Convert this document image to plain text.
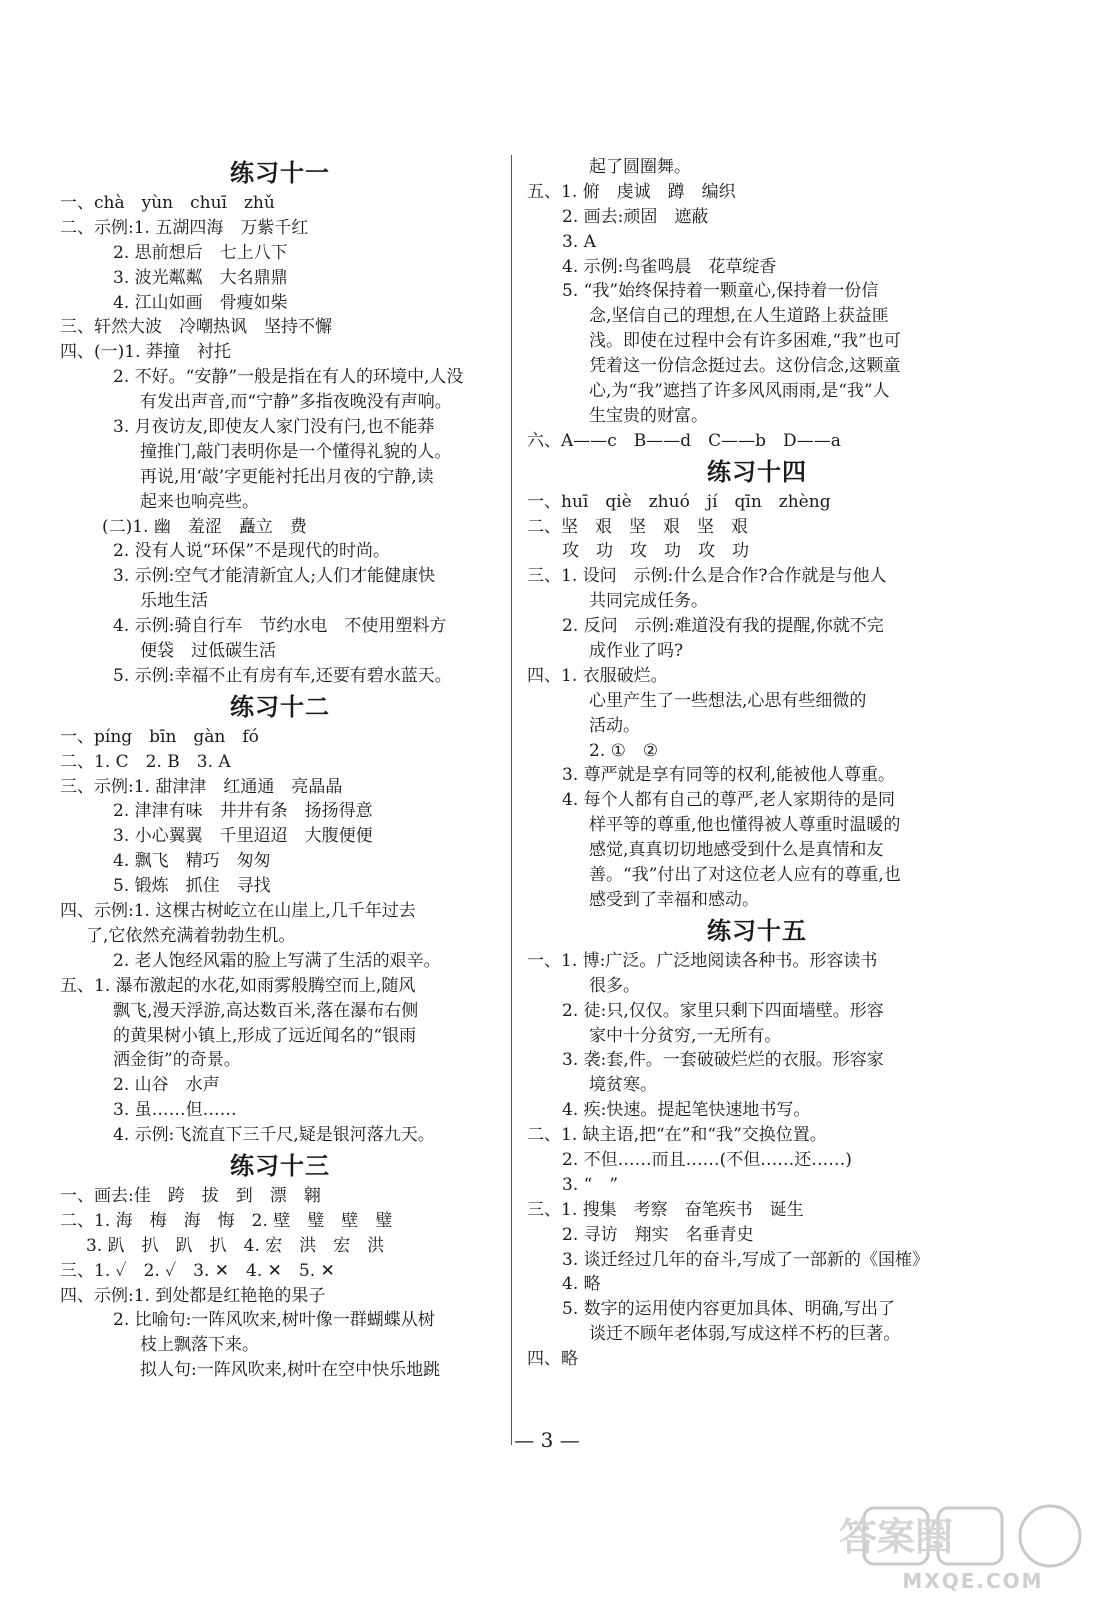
练习十一
一、chà　yùn　chuī　zhǔ
二、示例:1. 五湖四海　万紫千红
2. 思前想后　七上八下
3. 波光粼粼　大名鼎鼎
4. 江山如画　骨瘦如柴
三、轩然大波　冷嘲热讽　坚持不懈
四、(一)1. 莽撞　衬托
2. 不好。“安静”一般是指在有人的环境中,人没
有发出声音,而“宁静”多指夜晚没有声响。
3. 月夜访友,即使友人家门没有闩,也不能莽
撞推门,敲门表明你是一个懂得礼貌的人。
再说,用‘敲’字更能衬托出月夜的宁静,读
起来也响亮些。
(二)1. 幽　羞涩　矗立　费
2. 没有人说“环保”不是现代的时尚。
3. 示例:空气才能清新宜人;人们才能健康快
乐地生活
4. 示例:骑自行车　节约水电　不使用塑料方
便袋　过低碳生活
5. 示例:幸福不止有房有车,还要有碧水蓝天。
练习十二
一、píng　bīn　gàn　fó
二、1. C　2. B　3. A
三、示例:1. 甜津津　红通通　亮晶晶
2. 津津有味　井井有条　扬扬得意
3. 小心翼翼　千里迢迢　大腹便便
4. 飘飞　精巧　匆匆
5. 锻炼　抓住　寻找
四、示例:1. 这棵古树屹立在山崖上,几千年过去
了,它依然充满着勃勃生机。
2. 老人饱经风霜的脸上写满了生活的艰辛。
五、1. 瀑布激起的水花,如雨雾般腾空而上,随风
飘飞,漫天浮游,高达数百米,落在瀑布右侧
的黄果树小镇上,形成了远近闻名的“银雨
洒金街”的奇景。
2. 山谷　水声
3. 虽……但……
4. 示例:飞流直下三千尺,疑是银河落九天。
练习十三
一、画去:佳　跨　拔　到　漂　翱
二、1. 海　梅　海　悔　2. 壁　璧　壁　璧
3. 趴　扒　趴　扒　4. 宏　洪　宏　洪
三、1. ✓　2. ✓　3. ✕　4. ✕　5. ✕
四、示例:1. 到处都是红艳艳的果子
2. 比喻句:一阵风吹来,树叶像一群蝴蝶从树
枝上飘落下来。
拟人句:一阵风吹来,树叶在空中快乐地跳
起了圆圈舞。
五、1. 俯　虔诚　蹲　编织
2. 画去:顽固　遮蔽
3. A
4. 示例:鸟雀鸣晨　花草绽香
5. “我”始终保持着一颗童心,保持着一份信
念,坚信自己的理想,在人生道路上获益匪
浅。即使在过程中会有许多困难,“我”也可
凭着这一份信念挺过去。这份信念,这颗童
心,为“我”遮挡了许多风风雨雨,是“我”人
生宝贵的财富。
六、A——c　B——d　C——b　D——a
练习十四
一、huī　qiè　zhuó　jí　qīn　zhèng
二、坚　艰　坚　艰　坚　艰
攻　功　攻　功　攻　功
三、1. 设问　示例:什么是合作?合作就是与他人
共同完成任务。
2. 反问　示例:难道没有我的提醒,你就不完
成作业了吗?
四、1. 衣服破烂。
心里产生了一些想法,心思有些细微的
活动。
2. ①　②
3. 尊严就是享有同等的权利,能被他人尊重。
4. 每个人都有自己的尊严,老人家期待的是同
样平等的尊重,他也懂得被人尊重时温暖的
感觉,真真切切地感受到什么是真情和友
善。“我”付出了对这位老人应有的尊重,也
感受到了幸福和感动。
练习十五
一、1. 博:广泛。广泛地阅读各种书。形容读书
很多。
2. 徒:只,仅仅。家里只剩下四面墙壁。形容
家中十分贫穷,一无所有。
3. 袭:套,件。一套破破烂烂的衣服。形容家
境贫寒。
4. 疾:快速。提起笔快速地书写。
二、1. 缺主语,把“在”和“我”交换位置。
2. 不但……而且……(不但……还……)
3. “　”
三、1. 搜集　考察　奋笔疾书　诞生
2. 寻访　翔实　名垂青史
3. 谈迁经过几年的奋斗,写成了一部新的《国榷》
4. 略
5. 数字的运用使内容更加具体、明确,写出了
谈迁不顾年老体弱,写成这样不朽的巨著。
四、略
— 3 —
答案圈
MXQE.COM
